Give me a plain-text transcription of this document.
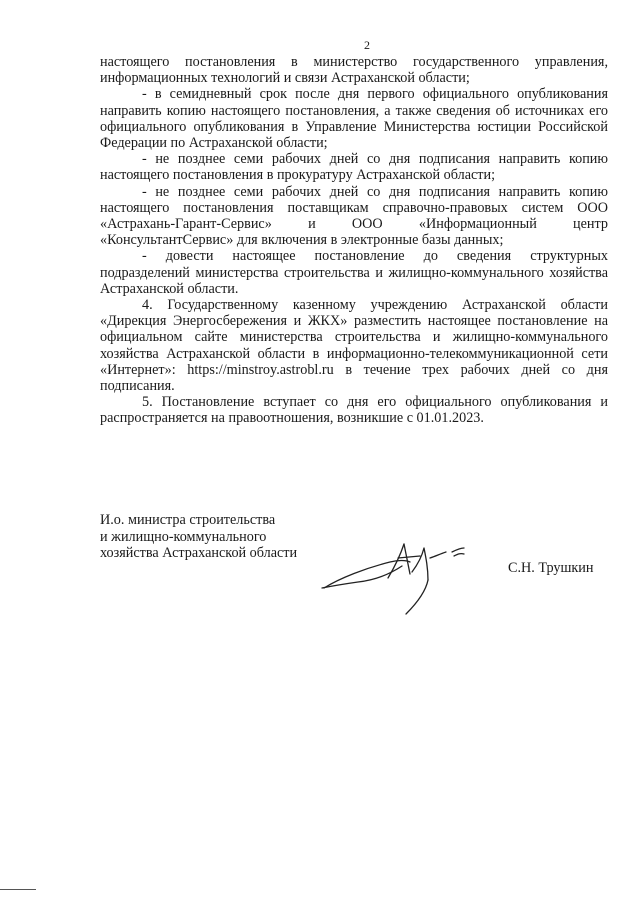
2

настоящего постановления в министерство государственного управления, информационных технологий и связи Астраханской области;

- в семидневный срок после дня первого официального опубликования направить копию настоящего постановления, а также сведения об источниках его официального опубликования в Управление Министерства юстиции Российской Федерации по Астраханской области;

- не позднее семи рабочих дней со дня подписания направить копию настоящего постановления в прокуратуру Астраханской области;

- не позднее семи рабочих дней со дня подписания направить копию настоящего постановления поставщикам справочно-правовых систем ООО «Астрахань-Гарант-Сервис» и ООО «Информационный центр «КонсультантСервис» для включения в электронные базы данных;

- довести настоящее постановление до сведения структурных подразделений министерства строительства и жилищно-коммунального хозяйства Астраханской области.

4. Государственному казенному учреждению Астраханской области «Дирекция Энергосбережения и ЖКХ» разместить настоящее постановление на официальном сайте министерства строительства и жилищно-коммунального хозяйства Астраханской области в информационно-телекоммуникационной сети «Интернет»: https://minstroy.astrobl.ru в течение трех рабочих дней со дня подписания.

5. Постановление вступает со дня его официального опубликования и распространяется на правоотношения, возникшие с 01.01.2023.

И.о. министра строительства
и жилищно-коммунального
хозяйства Астраханской области
С.Н. Трушкин
